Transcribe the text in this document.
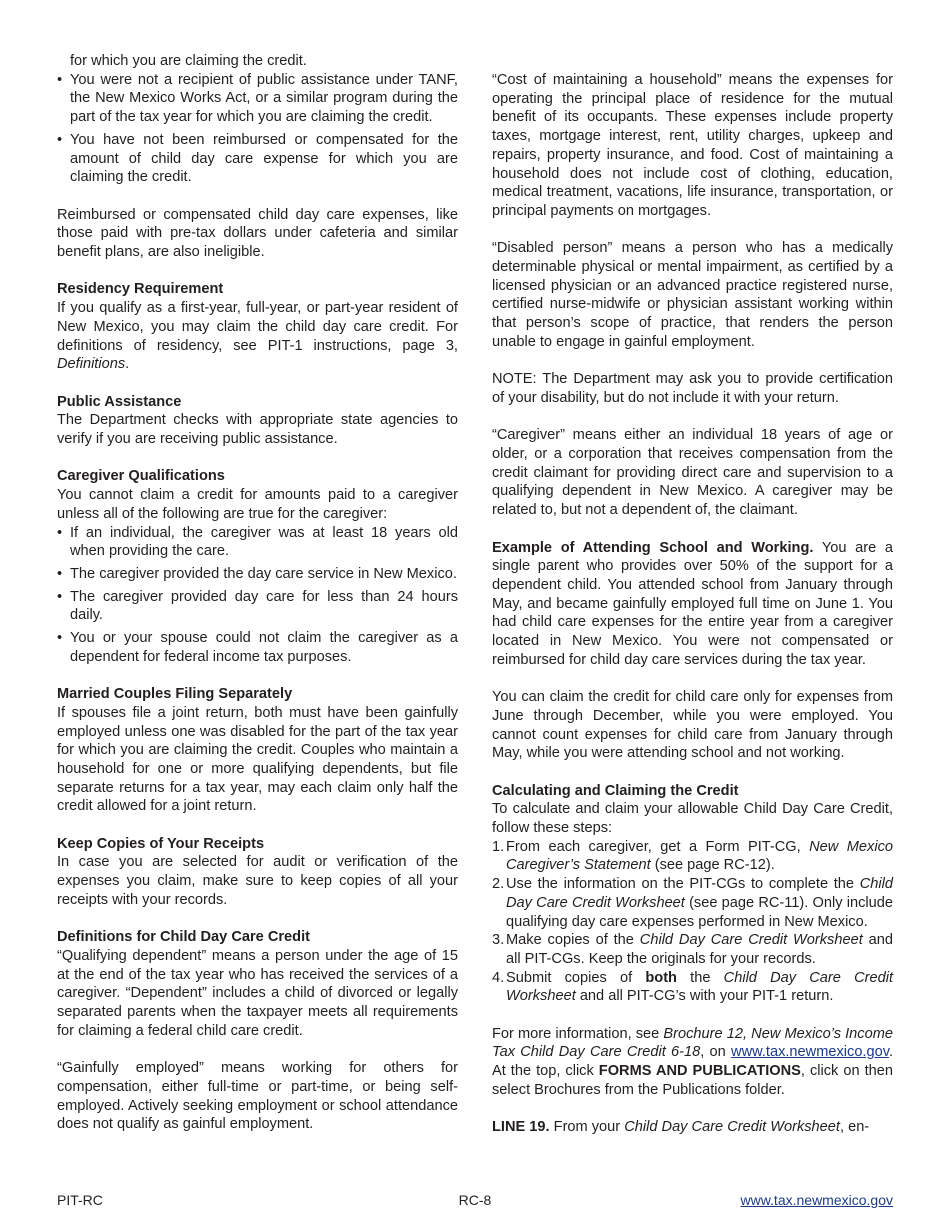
for which you are claiming the credit.
• You were not a recipient of public assistance under TANF, the New Mexico Works Act, or a similar program during the part of the tax year for which you are claiming the credit.
• You have not been reimbursed or compensated for the amount of child day care expense for which you are claiming the credit.

Reimbursed or compensated child day care expenses, like those paid with pre-tax dollars under cafeteria and similar benefit plans, are also ineligible.

Residency Requirement
If you qualify as a first-year, full-year, or part-year resident of New Mexico, you may claim the child day care credit. For definitions of residency, see PIT-1 instructions, page 3, Definitions.
Public Assistance
The Department checks with appropriate state agencies to verify if you are receiving public assistance.
Caregiver Qualifications
You cannot claim a credit for amounts paid to a caregiver unless all of the following are true for the caregiver:
• If an individual, the caregiver was at least 18 years old when providing the care.
• The caregiver provided the day care service in New Mexico.
• The caregiver provided day care for less than 24 hours daily.
• You or your spouse could not claim the caregiver as a dependent for federal income tax purposes.
Married Couples Filing Separately
If spouses file a joint return, both must have been gainfully employed unless one was disabled for the part of the tax year for which you are claiming the credit. Couples who maintain a household for one or more qualifying dependents, but file separate returns for a tax year, may each claim only half the credit allowed for a joint return.
Keep Copies of Your Receipts
In case you are selected for audit or verification of the expenses you claim, make sure to keep copies of all your receipts with your records.
Definitions for Child Day Care Credit

“Qualifying dependent” means a person under the age of 15 at the end of the tax year who has received the services of a caregiver. “Dependent” includes a child of divorced or legally separated parents when the taxpayer meets all requirements for claiming a federal child care credit.

“Gainfully employed” means working for others for compensation, either full-time or part-time, or being self-employed. Actively seeking employment or school attendance does not qualify as gainful employment.

“Cost of maintaining a household” means the expenses for operating the principal place of residence for the mutual benefit of its occupants. These expenses include property taxes, mortgage interest, rent, utility charges, upkeep and repairs, property insurance, and food. Cost of maintaining a household does not include cost of clothing, education, medical treatment, vacations, life insurance, transportation, or principal payments on mortgages.

“Disabled person” means a person who has a medically determinable physical or mental impairment, as certified by a licensed physician or an advanced practice registered nurse, certified nurse-midwife or physician assistant working within that person’s scope of practice, that renders the person unable to engage in gainful employment.

NOTE: The Department may ask you to provide certification of your disability, but do not include it with your return.

“Caregiver” means either an individual 18 years of age or older, or a corporation that receives compensation from the credit claimant for providing direct care and supervision to a qualifying dependent in New Mexico. A caregiver may be related to, but not a dependent of, the claimant.

Example of Attending School and Working. You are a single parent who provides over 50% of the support for a dependent child. You attended school from January through May, and became gainfully employed full time on June 1. You had child care expenses for the entire year from a caregiver located in New Mexico. You were not compensated or reimbursed for child day care services during the tax year.

You can claim the credit for child care only for expenses from June through December, while you were employed. You cannot count expenses for child care from January through May, while you were attending school and not working.

Calculating and Claiming the Credit
To calculate and claim your allowable Child Day Care Credit, follow these steps:
1. From each caregiver, get a Form PIT-CG, New Mexico Caregiver’s Statement (see page RC-12).
2. Use the information on the PIT-CGs to complete the Child Day Care Credit Worksheet (see page RC-11). Only include qualifying day care expenses performed in New Mexico.
3. Make copies of the Child Day Care Credit Worksheet and all PIT-CGs. Keep the originals for your records.
4. Submit copies of both the Child Day Care Credit Worksheet and all PIT-CG’s with your PIT-1 return.

For more information, see Brochure 12, New Mexico’s Income Tax Child Day Care Credit 6-18, on www.tax.newmexico.gov. At the top, click FORMS AND PUBLICATIONS, click on then select Brochures from the Publications folder.

LINE 19. From your Child Day Care Credit Worksheet, en-
PIT-RC	RC-8	www.tax.newmexico.gov
